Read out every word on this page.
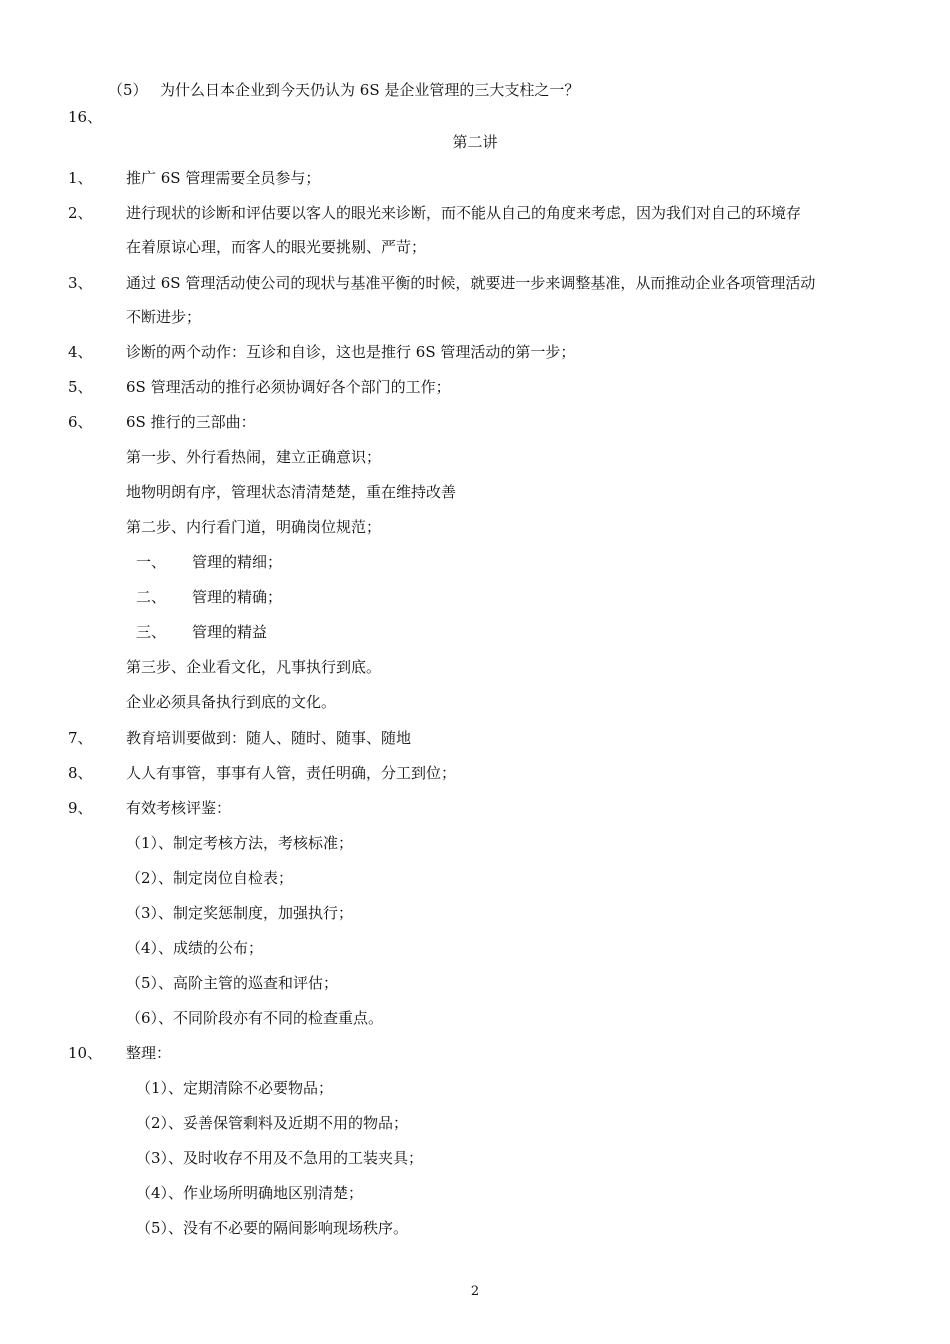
（5） 为什么日本企业到今天仍认为 6S 是企业管理的三大支柱之一？
16、
第二讲
1、 推广 6S 管理需要全员参与；
2、 进行现状的诊断和评估要以客人的眼光来诊断，而不能从自己的角度来考虑，因为我们对自己的环境存
在着原谅心理，而客人的眼光要挑剔、严苛；
3、 通过 6S 管理活动使公司的现状与基准平衡的时候，就要进一步来调整基准，从而推动企业各项管理活动
不断进步；
4、 诊断的两个动作：互诊和自诊，这也是推行 6S 管理活动的第一步；
5、 6S 管理活动的推行必须协调好各个部门的工作；
6、 6S 推行的三部曲：
第一步、外行看热闹，建立正确意识；
地物明朗有序，管理状态清清楚楚，重在维持改善
第二步、内行看门道，明确岗位规范；
一、 管理的精细；
二、 管理的精确；
三、 管理的精益
第三步、企业看文化，凡事执行到底。
企业必须具备执行到底的文化。
7、 教育培训要做到：随人、随时、随事、随地
8、 人人有事管，事事有人管，责任明确，分工到位；
9、 有效考核评鉴：
（1）、制定考核方法，考核标准；
（2）、制定岗位自检表；
（3）、制定奖惩制度，加强执行；
（4）、成绩的公布；
（5）、高阶主管的巡查和评估；
（6）、不同阶段亦有不同的检查重点。
10、 整理：
（1）、定期清除不必要物品；
（2）、妥善保管剩料及近期不用的物品；
（3）、及时收存不用及不急用的工装夹具；
（4）、作业场所明确地区别清楚；
（5）、没有不必要的隔间影响现场秩序。
2
